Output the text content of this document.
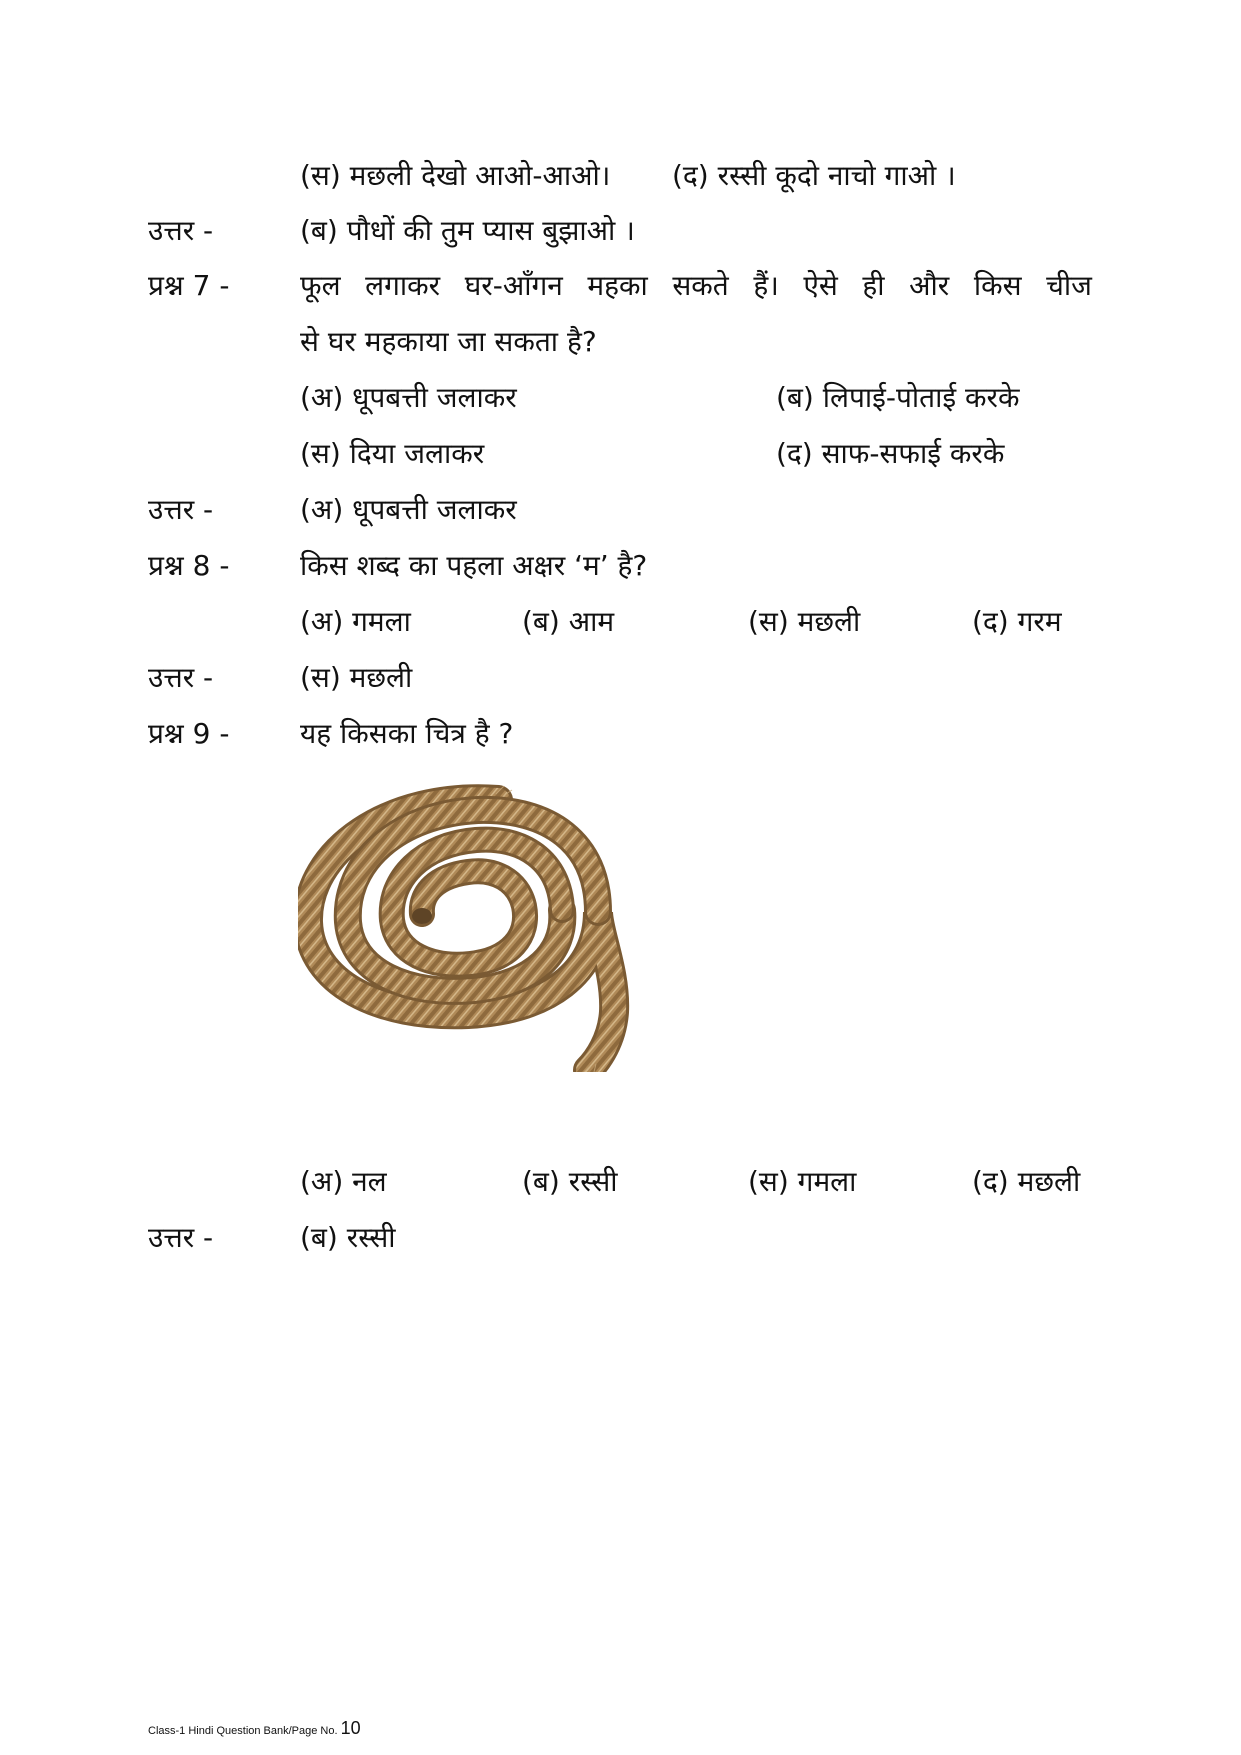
(स) मछली देखो आओ-आओ। (द) रस्सी कूदो नाचो गाओ ।
उत्तर -	(ब) पौधों की तुम प्यास बुझाओ ।
प्रश्न 7 -	फूल लगाकर घर-आँगन महका सकते हैं। ऐसे ही और किस चीज
से घर महकाया जा सकता है?
(अ) धूपबत्ती जलाकर	(ब) लिपाई-पोताई करके
(स) दिया जलाकर	(द) साफ-सफाई करके
उत्तर -	(अ) धूपबत्ती जलाकर
प्रश्न 8 -	किस शब्द का पहला अक्षर ‘म’ है?
(अ) गमला	(ब) आम	(स) मछली	(द) गरम
उत्तर -	(स) मछली
प्रश्न 9 -	यह किसका चित्र है ?
(अ) नल	(ब) रस्सी	(स) गमला	(द) मछली
उत्तर -	(ब) रस्सी
Class-1 Hindi Question Bank/Page No. 10
